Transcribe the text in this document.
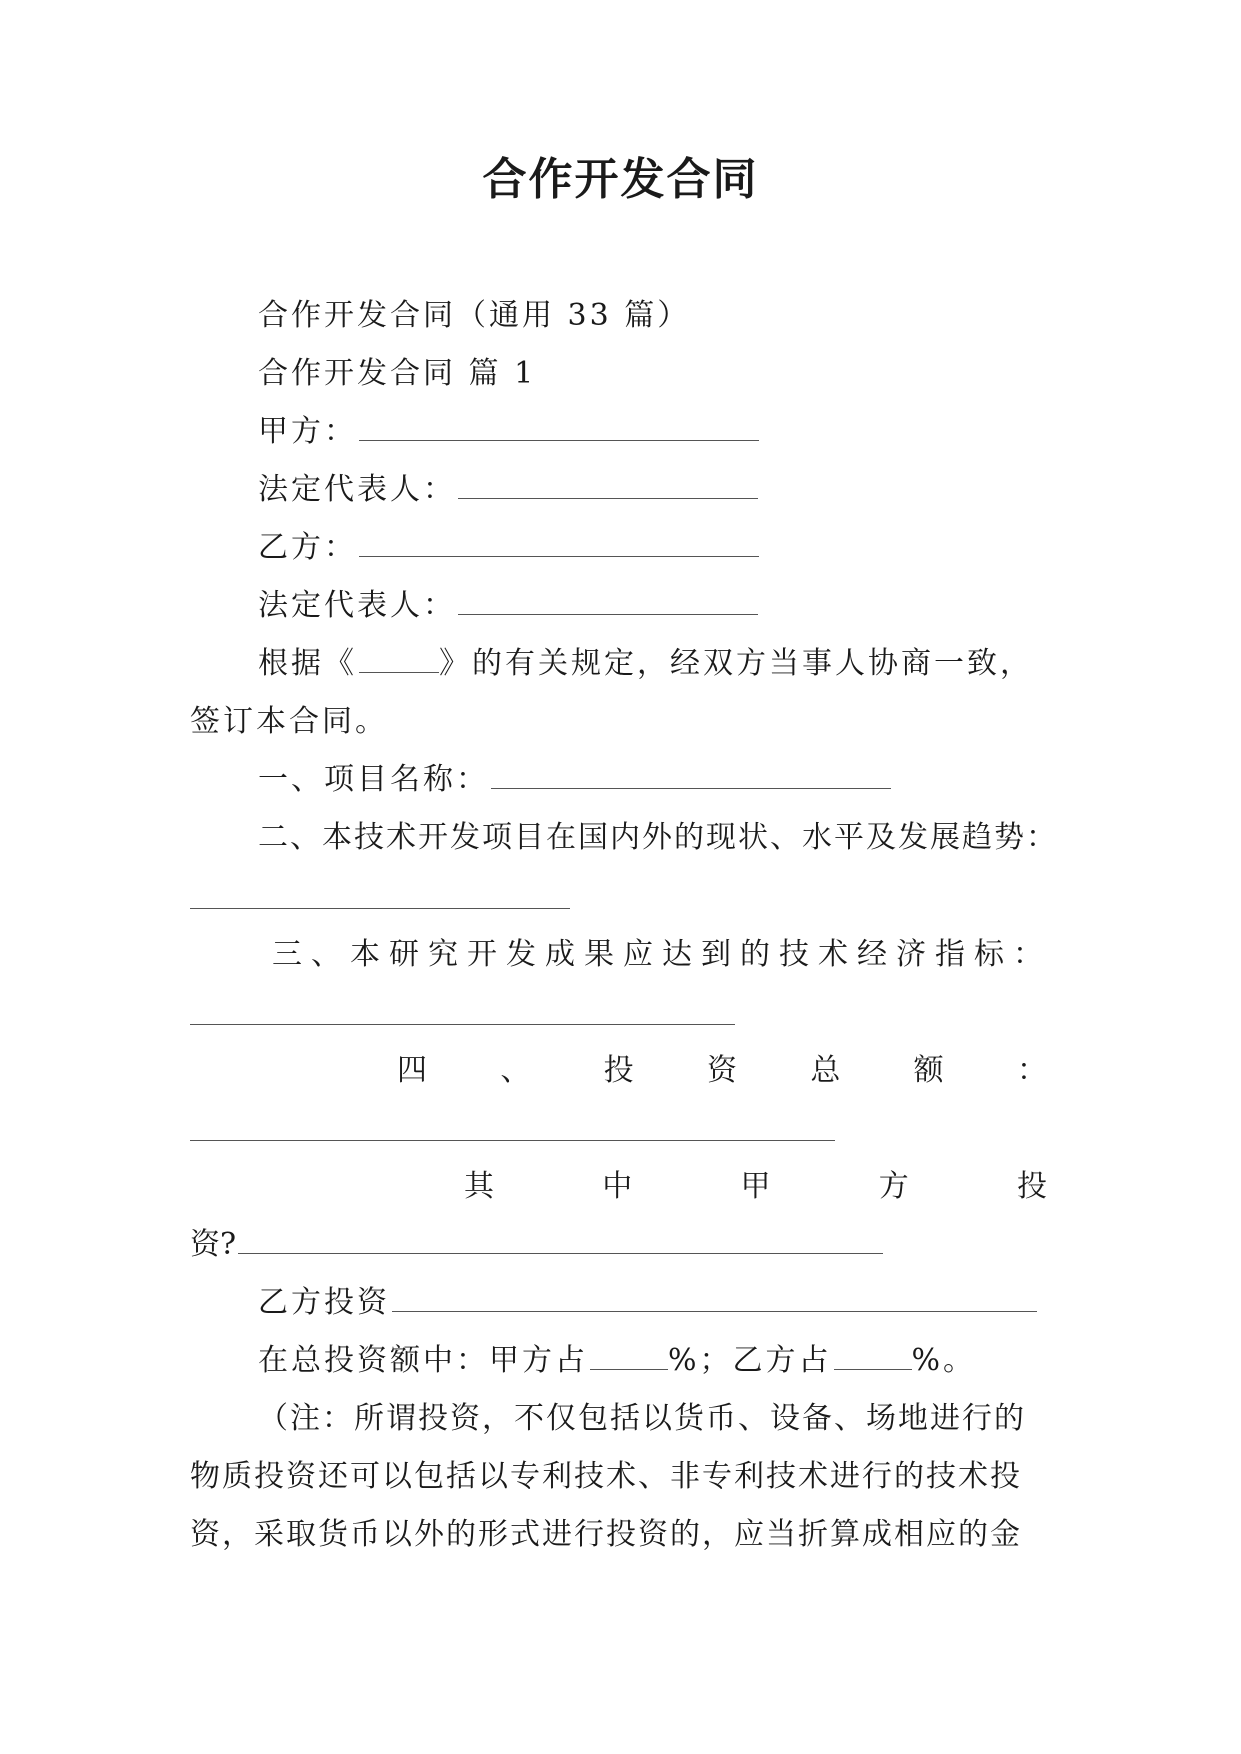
合作开发合同
合作开发合同（通用 33 篇）
合作开发合同 篇 1
甲方：
法定代表人：
乙方：
法定代表人：
根据《	》的有关规定，经双方当事人协商一致，
签订本合同。
一、项目名称：
二、本技术开发项目在国内外的现状、水平及发展趋势：
三、本研究开发成果应达到的技术经济指标：
四 、 投 资 总 额 ：
其	中	甲	方	投
资?
乙方投资
在总投资额中：甲方占	%；乙方占	%。
（注：所谓投资，不仅包括以货币、设备、场地进行的
物质投资还可以包括以专利技术、非专利技术进行的技术投
资，采取货币以外的形式进行投资的，应当折算成相应的金
